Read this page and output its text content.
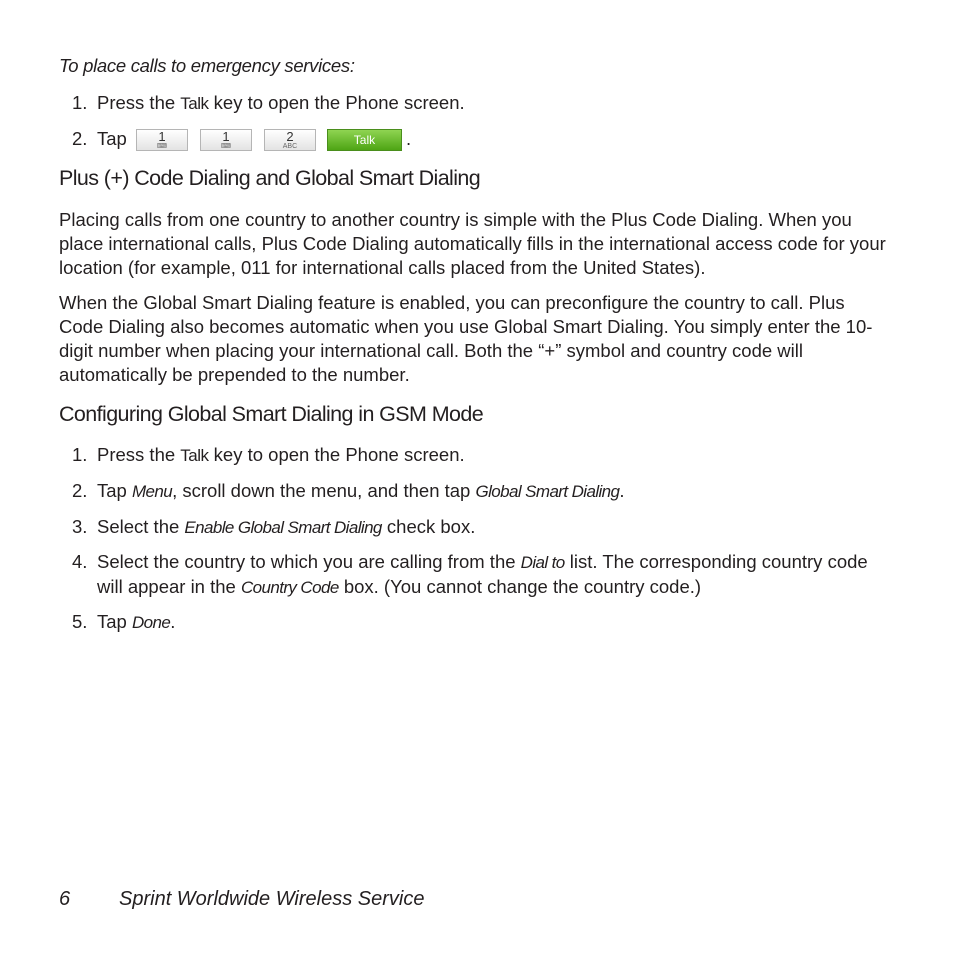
To place calls to emergency services:

1. Press the Talk key to open the Phone screen.
2. Tap	1
⌨
1
⌨
2
ABC	Talk	.
Plus (+) Code Dialing and Global Smart Dialing

Placing calls from one country to another country is simple with the Plus Code Dialing. When you place international calls, Plus Code Dialing automatically fills in the international access code for your location (for example, 011 for international calls placed from the United States).

When the Global Smart Dialing feature is enabled, you can preconfigure the country to call. Plus Code Dialing also becomes automatic when you use Global Smart Dialing. You simply enter the 10-digit number when placing your international call. Both the “+” symbol and country code will automatically be prepended to the number.

Configuring Global Smart Dialing in GSM Mode
1. Press the Talk key to open the Phone screen.
2. Tap Menu, scroll down the menu, and then tap Global Smart Dialing.
3. Select the Enable Global Smart Dialing check box.
4. Select the country to which you are calling from the Dial to list. The corresponding country code will appear in the Country Code box. (You cannot change the country code.)
5. Tap Done.
6 Sprint Worldwide Wireless Service
